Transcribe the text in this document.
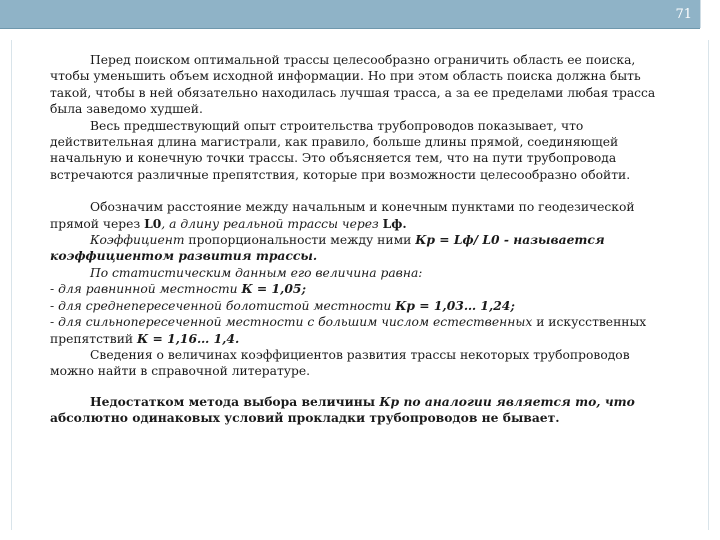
71

Перед поиском оптимальной трассы целесообразно ограничить область ее поиска, чтобы уменьшить объем исходной информации. Но при этом область поиска должна быть такой, чтобы в ней обязательно находилась лучшая трасса, а за ее пределами любая трасса была заведомо худшей.

Весь предшествующий опыт строительства трубопроводов показывает, что действительная длина магистрали, как правило, больше длины прямой, соединяющей начальную и конечную точки трассы. Это объясняется тем, что на пути трубопровода встречаются различные препятствия, которые при возможности целесообразно обойти.

Обозначим расстояние между начальным и конечным пунктами по геодезической прямой через L0, а длину реальной трассы через Lф.

Коэффициент пропорциональности между ними Кр = Lф/ L0 - называется коэффициентом развития трассы.

По статистическим данным его величина равна:

- для равнинной местности К = 1,05;

- для среднепересеченной болотистой местности Кр = 1,03… 1,24;

- для сильнопересеченной местности с большим числом естественных и искусственных препятствий К = 1,16… 1,4.

Сведения о величинах коэффициентов развития трассы некоторых трубопроводов можно найти в справочной литературе.

Недостатком метода выбора величины Кр по аналогии является то, что абсолютно одинаковых условий прокладки трубопроводов не бывает.
